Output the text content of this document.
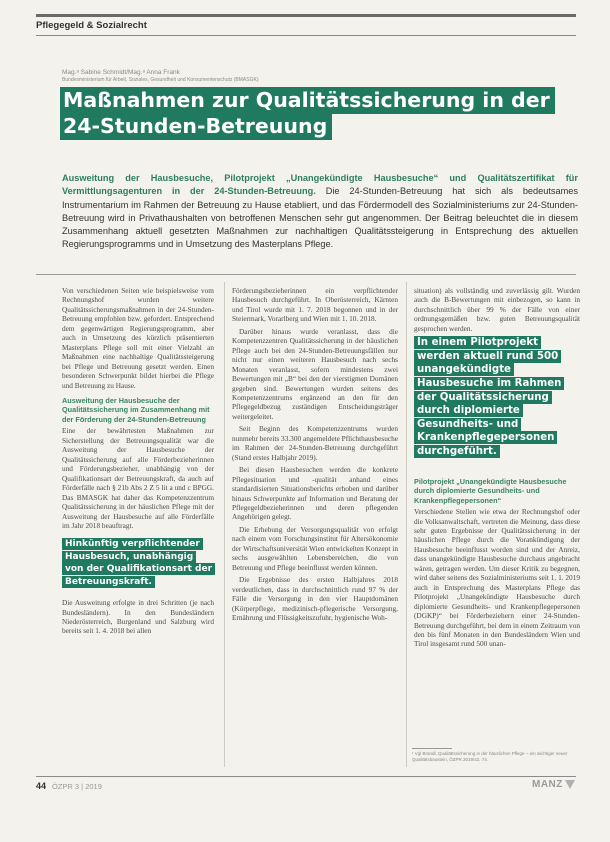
Pflegegeld & Sozialrecht
Mag.ᵃ Sabine Schmidt/Mag.ᵃ Anna Frank
Bundesministerium für Arbeit, Soziales, Gesundheit und Konsumentenschutz (BMASGK)
Maßnahmen zur Qualitätssicherung in der 24-Stunden-Betreuung
Ausweitung der Hausbesuche, Pilotprojekt „Unangekündigte Hausbesuche“ und Qualitätszertifikat für Vermittlungsagenturen in der 24-Stunden-Betreuung. Die 24-Stunden-Betreuung hat sich als bedeutsames Instrumentarium im Rahmen der Betreuung zu Hause etabliert, und das Fördermodell des Sozialministeriums zur 24-Stunden-Betreuung wird in Privathaushalten von betroffenen Menschen sehr gut angenommen. Der Beitrag beleuchtet die in diesem Zusammenhang aktuell gesetzten Maßnahmen zur nachhaltigen Qualitätssteigerung in Entsprechung des aktuellen Regierungsprogramms und in Umsetzung des Masterplans Pflege.

Von verschiedenen Seiten wie beispielsweise vom Rechnungshof wurden weitere Qualitätssicherungsmaßnahmen in der 24-Stunden-Betreuung empfohlen bzw. gefordert. Entsprechend dem gegenwärtigen Regierungsprogramm, aber auch in Umsetzung des kürzlich präsentierten Masterplans Pflege soll mit einer Vielzahl an Maßnahmen eine nachhaltige Qualitätssteigerung bei Pflege und Betreuung gesetzt werden. Einen besonderen Schwerpunkt bildet hierbei die Pflege und Betreuung zu Hause.

Ausweitung der Hausbesuche der Qualitätssicherung im Zusammenhang mit der Förderung der 24-Stunden-Betreuung

Eine der bewährtesten Maßnahmen zur Sicherstellung der Betreuungsqualität war die Ausweitung der Hausbesuche der Qualitätssicherung auf alle Förderbezieherinnen und Förderungsbezieher, unabhängig von der Qualifikationsart der Betreuungskraft, da auch auf Förderfälle nach § 21b Abs 2 Z 5 lit a und c BPGG. Das BMASGK hat daher das Kompetenzzentrum Qualitätssicherung in der häuslichen Pflege mit der Ausweitung der Hausbesuche auf alle Förderfälle im Jahr 2018 beauftragt.

Hinkünftig verpflichtender Hausbesuch, unabhängig von der Qualifikationsart der Betreuungskraft.

Die Ausweitung erfolgte in drei Schritten (je nach Bundesländern). In den Bundesländern Niederösterreich, Burgenland und Salzburg wird bereits seit 1. 4. 2018 bei allen

Förderungsbezieherinnen ein verpflichtender Hausbesuch durchgeführt. In Oberösterreich, Kärnten und Tirol wurde mit 1. 7. 2018 begonnen und in der Steiermark, Vorarlberg und Wien mit 1. 10. 2018.

Darüber hinaus wurde veranlasst, dass die Kompetenzzentren Qualitätssicherung in der häuslichen Pflege auch bei den 24-Stunden-Betreuungsfällen nur nicht nur einen weiteren Hausbesuch nach sechs Monaten veranlasst, sofern mindestens zwei Bewertungen mit „B“ bei den der vierstigmen Domänen gegeben sind. Bewertungen wurden seitens des Kompetenzzentrums ergänzend an den für den Pflegegeldbezug zuständigen Entscheidungsträger weitergeleitet.

Seit Beginn des Kompetenzzentrums wurden nunmehr bereits 33.300 angemeldete Pflichthausbesuche im Rahmen der 24-Stunden-Betreuung durchgeführt (Stand erstes Halbjahr 2019).

Bei diesen Hausbesuchen werden die konkrete Pflegesituation und -qualität anhand eines standardisierten Situationsberichts erhoben und darüber hinaus Schwerpunkte auf Information und Beratung der Pflegegeldbezieherinnen und deren pflegenden Angehörigen gelegt.

Die Erhebung der Versorgungsqualität von erfolgt nach einem vom Forschungsinstitut für Altersökonomie der Wirtschaftsuniversität Wien entwickelten Konzept in sechs ausgewählten Lebensbereichen, die von Betreuung und Pflege beeinflusst werden können.

Die Ergebnisse des ersten Halbjahres 2018 verdeutlichen, dass in durchschnittlich rund 97 % der Fälle die Versorgung in den vier Hauptdomänen (Körperpflege, medizinisch-pflegerische Versorgung, Ernährung und Flüssigkeitszufuhr, hygienische Woh-

situation) als vollständig und zuverlässig gilt. Wurden auch die B-Bewertungen mit einbezogen, so kann in durchschnittlich über 99 % der Fälle von einer ordnungsgemäßen bzw. guten Betreuungsqualität gesprochen werden.

In einem Pilotprojekt werden aktuell rund 500 unangekündigte Hausbesuche im Rahmen der Qualitätssicherung durch diplomierte Gesundheits- und Krankenpflegepersonen durchgeführt.
Pilotprojekt „Unangekündigte Hausbesuche durch diplomierte Gesundheits- und Krankenpflegepersonen“

Verschiedene Stellen wie etwa der Rechnungshof oder die Volksanwaltschaft, vertreten die Meinung, dass diese sehr guten Ergebnisse der Qualitätssicherung in der häuslichen Pflege durch die Vorankündigung der Hausbesuche beeinflusst worden sind und der Anreiz, dass unangekündigte Hausbesuche durchaus angebracht wären, getragen werden. Um dieser Kritik zu begegnen, wird daher seitens des Sozialministeriums seit 1. 1. 2019 auch in Entsprechung des Masterplans Pflege das Pilotprojekt „Unangekündigte Hausbesuche durch diplomierte Gesundheits- und Krankenpflegepersonen (DGKP)“ bei Förderbeziehern einer 24-Stunden-Betreuung durchgeführt, bei dem in einem Zeitraum von den bis fünf Monaten in den Bundesländern Wien und Tirol insgesamt rund 500 unan-

¹ Vgl Brandl, Qualitätssicherung in der häuslichen Pflege – ein wichtiger neuer Qualitätsbaustein, ÖZPR 2019/42, 74.
44 ÖZPR 3 | 2019	MANZ
